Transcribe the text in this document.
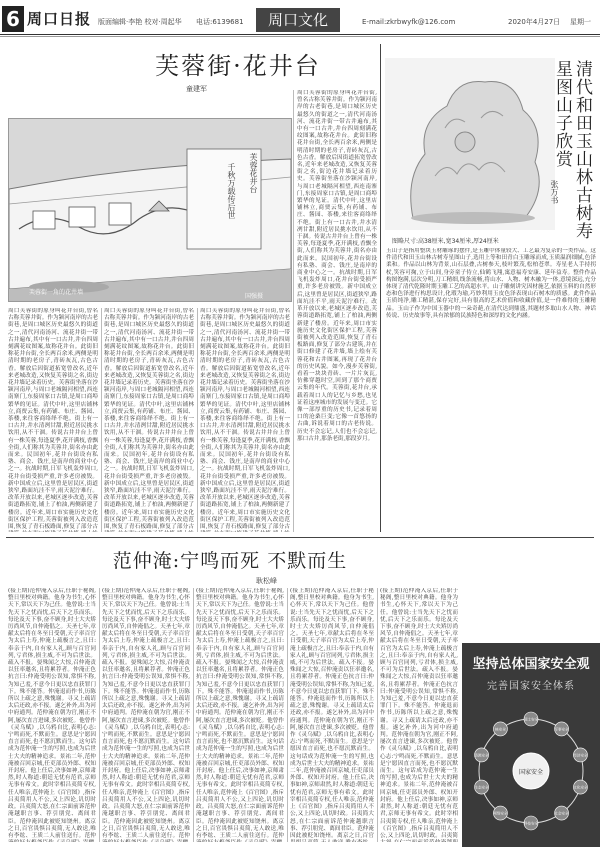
6 周口日报 版面编辑·李艳 校对·周起华 电话:6139681	周口文化	E-mail:zkrbwyfk@126.com	2020年4月27日 星期一
芙蓉街·花井台
童建军
芙蓉花井台
千秋万载传后世
芙蓉街一角的花井墙
国强摄
周口芙蓉街的原身叫花井台街,曾名古称芙蓉井街。作为颍河南岸的古老街巷,是周口城区历史最悠久的街道之一,清代河南汤河、流花井街一带古井遍布,其中有一口古井,井台四周刻满花纹图案,故称花井台。此街旧称花井台街,全长两百余米,两侧是明清时期的老房子,青砖灰瓦,古色古香。解放后因街道拓宽曾改名,近年来老城改造,又恢复芙蓉街之名,街边花井墙记录着历史。芙蓉街坐落在沙颍河南岸,与周口老城隔河相望,西连南寨门,东接周家口古镇,是周口商埠繁华的见证。清代中叶,这里店铺林立,商贾云集,有药铺、布庄、酱园、茶楼,来往客商络绎不绝。街上有一口古井,井水清冽甘甜,附近居民挑水饮用,从不干涸。传说古井井台上曾有一株芙蓉,每逢夏季,花开满枝,香飘全街,人们称其为芙蓉井,街名亦由此而来。民国初年,花井台街设有私塾、商会、钱庄,是南岸的商业中心之一。抗战时期,日军飞机轰炸周口,花井台街受损严重,许多老房被毁。新中国成立后,这里曾是居民区,街道狭窄,路面坑洼不平,雨天泥泞难行。改革开放以来,老城区逐步改造,芙蓉街道路拓宽,铺上了柏油,两侧新建了楼房。近年来,周口市实施历史文化街区保护工程,芙蓉街被列入改造范围,恢复了青石板路面,修复了部分古
周口芙蓉街的原身叫花井台街,曾名古称芙蓉井街。作为颍河南岸的古老街巷,是周口城区历史最悠久的街道之一,清代河南汤河、流花井街一带古井遍布,其中有一口古井,井台四周刻满花纹图案,故称花井台。此街旧称花井台街,全长两百余米,两侧是明清时期的老房子,青砖灰瓦,古色古香。解放后因街道拓宽曾改名,近年来老城改造,又恢复芙蓉街之名,街边花井墙记录着历史。芙蓉街坐落在沙颍河南岸,与周口老城隔河相望,西连南寨门,东接周家口古镇,是周口商埠繁华的见证。清代中叶,这里店铺林立,商贾云集,有药铺、布庄、酱园、茶楼,来往客商络绎不绝。街上有一口古井,井水清冽甘甜,附近居民挑水饮用,从不干涸。传说古井井台上曾有一株芙蓉,每逢夏季,花开满枝,香飘全街,人们称其为芙蓉井,街名亦由此而来。民国初年,花井台街设有私塾、商会、钱庄,是南岸的商业中心之一。抗战时期,日军飞机轰炸周口,花井台街受损严重,许多老房被毁。新中国成立后,这里曾是居民区,街道狭窄,路面坑洼不平,雨天泥泞难行。改革开放以来,老城区逐步改造,芙蓉街道路拓宽,铺上了柏油,两侧新建了楼房。近年来,周口市实施历史文化街区保护工程,芙蓉街被列入改造范围,恢复了青石板路面,修复了部分古
周口芙蓉街的原身叫花井台街,曾名古称芙蓉井街。作为颍河南岸的古老街巷,是周口城区历史最悠久的街道之一,清代河南汤河、流花井街一带古井遍布,其中有一口古井,井台四周刻满花纹图案,故称花井台。此街旧称花井台街,全长两百余米,两侧是明清时期的老房子,青砖灰瓦,古色古香。解放后因街道拓宽曾改名,近年来老城改造,又恢复芙蓉街之名,街边花井墙记录着历史。芙蓉街坐落在沙颍河南岸,与周口老城隔河相望,西连南寨门,东接周家口古镇,是周口商埠繁华的见证。清代中叶,这里店铺林立,商贾云集,有药铺、布庄、酱园、茶楼,来往客商络绎不绝。街上有一口古井,井水清冽甘甜,附近居民挑水饮用,从不干涸。传说古井井台上曾有一株芙蓉,每逢夏季,花开满枝,香飘全街,人们称其为芙蓉井,街名亦由此而来。民国初年,花井台街设有私塾、商会、钱庄,是南岸的商业中心之一。抗战时期,日军飞机轰炸周口,花井台街受损严重,许多老房被毁。新中国成立后,这里曾是居民区,街道狭窄,路面坑洼不平,雨天泥泞难行。改革开放以来,老城区逐步改造,芙蓉街道路拓宽,铺上了柏油,两侧新建了楼房。近年来,周口市实施历史文化街区保护工程,芙蓉街被列入改造范围,恢复了青石板路面,修复了部分古
周口芙蓉街的原身叫花井台街,曾名古称芙蓉井街。作为颍河南岸的古老街巷,是周口城区历史最悠久的街道之一,清代河南汤河、流花井街一带古井遍布,其中有一口古井,井台四周刻满花纹图案,故称花井台。此街旧称花井台街,全长两百余米,两侧是明清时期的老房子,青砖灰瓦,古色古香。解放后因街道拓宽曾改名,近年来老城改造,又恢复芙蓉街之名,街边花井墙记录着历史。芙蓉街坐落在沙颍河南岸,与周口老城隔河相望,西连南寨门,东接周家口古镇,是周口商埠繁华的见证。清代中叶,这里店铺林立,商贾云集,有药铺、布庄、酱园、茶楼,来往客商络绎不绝。街上有一口古井,井水清冽甘甜,附近居民挑水饮用,从不干涸。传说古井井台上曾有一株芙蓉,每逢夏季,花开满枝,香飘全街,人们称其为芙蓉井,街名亦由此而来。民国初年,花井台街设有私塾、商会、钱庄,是南岸的商业中心之一。抗战时期,日军飞机轰炸周口,花井台街受损严重,许多老房被毁。新中国成立后,这里曾是居民区,街道狭窄,路面坑洼不平,雨天泥泞难行。改革开放以来,老城区逐步改造,芙蓉街道路拓宽,铺上了柏油,两侧新建了楼房。近年来,周口市实施历史文化街区保护工程,芙蓉街被列入改造范围,恢复了青石板路面,修复了部分古建筑,并在街口修建了花井墙,墙上绘有芙蓉花和古井图案,再现了花井台的历史风貌。如今,漫步芙蓉街,看着一块块青砖、一片片灰瓦,仿佛穿越时空,回到了那个商贾云集的年代。芙蓉街,花井台,承载着周口人的记忆与乡愁,也见证着这座城市的发展与变迁。它像一部厚重的历史书,记录着周口的沧桑巨变;它像一首悠扬的古曲,诉说着周口的古老传说。历史不会忘记,人们也不会忘记,那口古井,那条老街,那段岁月。
清代和田玉山林古树寿星图山子欣赏
张万书
图略尺寸:高38厘米,宽34厘米,厚24厘米
玉山子是指用整块玉材雕琢的摆件,是玉雕中体量较大、工艺最为复杂的一类作品。这件清代和田玉山林古树寿星图山子,选用上等和田青白玉雕琢而成,玉质温润细腻,色泽柔和。作品以山林为背景,山石层叠,古树参天,枝叶繁茂,松柏苍翠。寿星老人手持拐杖,笑容可掬,立于山间,身旁童子侍立,仙鹤飞翔,寓意福寿安康、延年益寿。整件作品构图饱满,层次分明,刀工精细,线条流畅,将山水、人物、树木融为一体,意境深远,充分体现了清代乾隆时期玉雕工艺的高超水平。山子雕刻讲究因材施艺,依据玉料的自然形态和色泽进行构思设计,化瑕为瑜,巧妙利用玉皮色泽表现山石树木的质感。此件作品玉质纯净,雕工精湛,保存完好,具有很高的艺术价值和收藏价值,是一件难得的玉雕精品。玉山子作为中国玉器中的一朵奇葩,在清代达到鼎盛,其题材多取山水人物、神话传说、历史故事等,具有浓郁的民族特色和深厚的文化内涵。
范仲淹:宁鸣而死 不默而生
耿松峰
(接上期)范仲淹入京后,任职于秘阁,整日里校对典籍。他身为书生,心怀天下,常以天下为己任。他曾说:士当先天下之忧而忧,后天下之乐而乐。每论及天下事,奋不顾身,时士大夫矫厉尚风节,自仲淹倡之。天圣七年,章献太后将在冬至日受朝,天子率百官为太后上寿,仲淹上疏极言之,且曰:奉亲于内,自有家人礼,顾与百官同列,亏君体,损主威,不可为后世法。疏入不报。晏殊闻之大惊,召仲淹责以狂率邀名,且将累荐者。仲淹正色抗言曰:仲淹受明公误知,常惧不称,为知己羞,不意今日更以忠直获罪门下。殊不能答。仲淹退而作书,历陈所以上疏之意,殊愧谢。寻又上疏请太后还政,亦不报。遂乞补外,出为河中府通判。范仲淹在朝为官,刚正不阿,屡次直言进谏,多次被贬。他曾作《灵乌赋》,以乌鸦自比,表明心志:宁鸣而死,不默而生。意思是宁愿因直言而死,也不愿沉默而生。这句话成为范仲淹一生的写照,也成为后世士大夫的精神追求。景祐二年,范仲淹被召回京城,任吏部员外郎、权知开封府。他上任后,决事如神,京师肃然,时人称道:朝廷无忧有范君,京师无事有希文。此时宰相吕夷简专权,任人唯亲,范仲淹上《百官图》,指斥吕夷简用人不公,又上四论,讥切时政。吕夷简大怒,在仁宗面前诉范仲淹越职言事、荐引朋党、离间君臣。范仲淹因此被贬知饶州。离京之日,百官畏惧吕夷简,无人敢送,唯有李纮、王质二人前往送行。范仲
(接上期)范仲淹入京后,任职于秘阁,整日里校对典籍。他身为书生,心怀天下,常以天下为己任。他曾说:士当先天下之忧而忧,后天下之乐而乐。每论及天下事,奋不顾身,时士大夫矫厉尚风节,自仲淹倡之。天圣七年,章献太后将在冬至日受朝,天子率百官为太后上寿,仲淹上疏极言之,且曰:奉亲于内,自有家人礼,顾与百官同列,亏君体,损主威,不可为后世法。疏入不报。晏殊闻之大惊,召仲淹责以狂率邀名,且将累荐者。仲淹正色抗言曰:仲淹受明公误知,常惧不称,为知己羞,不意今日更以忠直获罪门下。殊不能答。仲淹退而作书,历陈所以上疏之意,殊愧谢。寻又上疏请太后还政,亦不报。遂乞补外,出为河中府通判。范仲淹在朝为官,刚正不阿,屡次直言进谏,多次被贬。他曾作《灵乌赋》,以乌鸦自比,表明心志:宁鸣而死,不默而生。意思是宁愿因直言而死,也不愿沉默而生。这句话成为范仲淹一生的写照,也成为后世士大夫的精神追求。景祐二年,范仲淹被召回京城,任吏部员外郎、权知开封府。他上任后,决事如神,京师肃然,时人称道:朝廷无忧有范君,京师无事有希文。此时宰相吕夷简专权,任人唯亲,范仲淹上《百官图》,指斥吕夷简用人不公,又上四论,讥切时政。吕夷简大怒,在仁宗面前诉范仲淹越职言事、荐引朋党、离间君臣。范仲淹因此被贬知饶州。离京之日,百官畏惧吕夷简,无人敢送,唯有李纮、王质二人前往送行。范仲
(接上期)范仲淹入京后,任职于秘阁,整日里校对典籍。他身为书生,心怀天下,常以天下为己任。他曾说:士当先天下之忧而忧,后天下之乐而乐。每论及天下事,奋不顾身,时士大夫矫厉尚风节,自仲淹倡之。天圣七年,章献太后将在冬至日受朝,天子率百官为太后上寿,仲淹上疏极言之,且曰:奉亲于内,自有家人礼,顾与百官同列,亏君体,损主威,不可为后世法。疏入不报。晏殊闻之大惊,召仲淹责以狂率邀名,且将累荐者。仲淹正色抗言曰:仲淹受明公误知,常惧不称,为知己羞,不意今日更以忠直获罪门下。殊不能答。仲淹退而作书,历陈所以上疏之意,殊愧谢。寻又上疏请太后还政,亦不报。遂乞补外,出为河中府通判。范仲淹在朝为官,刚正不阿,屡次直言进谏,多次被贬。他曾作《灵乌赋》,以乌鸦自比,表明心志:宁鸣而死,不默而生。意思是宁愿因直言而死,也不愿沉默而生。这句话成为范仲淹一生的写照,也成为后世士大夫的精神追求。景祐二年,范仲淹被召回京城,任吏部员外郎、权知开封府。他上任后,决事如神,京师肃然,时人称道:朝廷无忧有范君,京师无事有希文。此时宰相吕夷简专权,任人唯亲,范仲淹上《百官图》,指斥吕夷简用人不公,又上四论,讥切时政。吕夷简大怒,在仁宗面前诉范仲淹越职言事、荐引朋党、离间君臣。范仲淹因此被贬知饶州。离京之日,百官畏惧吕夷简,无人敢送,唯有李纮、王质二人前往送行。范仲
(接上期)范仲淹入京后,任职于秘阁,整日里校对典籍。他身为书生,心怀天下,常以天下为己任。他曾说:士当先天下之忧而忧,后天下之乐而乐。每论及天下事,奋不顾身,时士大夫矫厉尚风节,自仲淹倡之。天圣七年,章献太后将在冬至日受朝,天子率百官为太后上寿,仲淹上疏极言之,且曰:奉亲于内,自有家人礼,顾与百官同列,亏君体,损主威,不可为后世法。疏入不报。晏殊闻之大惊,召仲淹责以狂率邀名,且将累荐者。仲淹正色抗言曰:仲淹受明公误知,常惧不称,为知己羞,不意今日更以忠直获罪门下。殊不能答。仲淹退而作书,历陈所以上疏之意,殊愧谢。寻又上疏请太后还政,亦不报。遂乞补外,出为河中府通判。范仲淹在朝为官,刚正不阿,屡次直言进谏,多次被贬。他曾作《灵乌赋》,以乌鸦自比,表明心志:宁鸣而死,不默而生。意思是宁愿因直言而死,也不愿沉默而生。这句话成为范仲淹一生的写照,也成为后世士大夫的精神追求。景祐二年,范仲淹被召回京城,任吏部员外郎、权知开封府。他上任后,决事如神,京师肃然,时人称道:朝廷无忧有范君,京师无事有希文。此时宰相吕夷简专权,任人唯亲,范仲淹上《百官图》,指斥吕夷简用人不公,又上四论,讥切时政。吕夷简大怒,在仁宗面前诉范仲淹越职言事、荐引朋党、离间君臣。范仲淹因此被贬知饶州。离京之日,百官
(接上期)范仲淹入京后,任职于秘阁,整日里校对典籍。他身为书生,心怀天下,常以天下为己任。他曾说:士当先天下之忧而忧,后天下之乐而乐。每论及天下事,奋不顾身,时士大夫矫厉尚风节,自仲淹倡之。天圣七年,章献太后将在冬至日受朝,天子率百官为太后上寿,仲淹上疏极言之,且曰:奉亲于内,自有家人礼,顾与百官同列,亏君体,损主威,不可为后世法。疏入不报。晏殊闻之大惊,召仲淹责以狂率邀名,且将累荐者。仲淹正色抗言曰:仲淹受明公误知,常惧不称,为知己羞,不意今日更以忠直获罪门下。殊不能答。仲淹退而作书,历陈所以上疏之意,殊愧谢。寻又上疏请太后还政,亦不报。遂乞补外,出为河中府通判。范仲淹在朝为官,刚正不阿,屡次直言进谏,多次被贬。他曾作《灵乌赋》,以乌鸦自比,表明心志:宁鸣而死,不默而生。意思是宁愿因直言而死,也不愿沉默而生。这句话成为范仲淹一生的写照,也成为后世士大夫的精神追求。景祐二年,范仲淹被召回京城,任吏部员外郎、权知开封府。他上任后,决事如神,京师肃然,时人称道:朝廷无忧有范君,京师无事有希文。此时宰相吕夷简专权,任人唯亲,范仲淹上《百官图》,指斥吕夷简用人不公,又上四论,讥切时政。吕夷简
坚持总体国家安全观
完善国家安全体系
国土安全
军事安全
经济安全
文化安全
社会安全
科技安全
网络安全
生态安全
资源安全
核安全
国家安全
